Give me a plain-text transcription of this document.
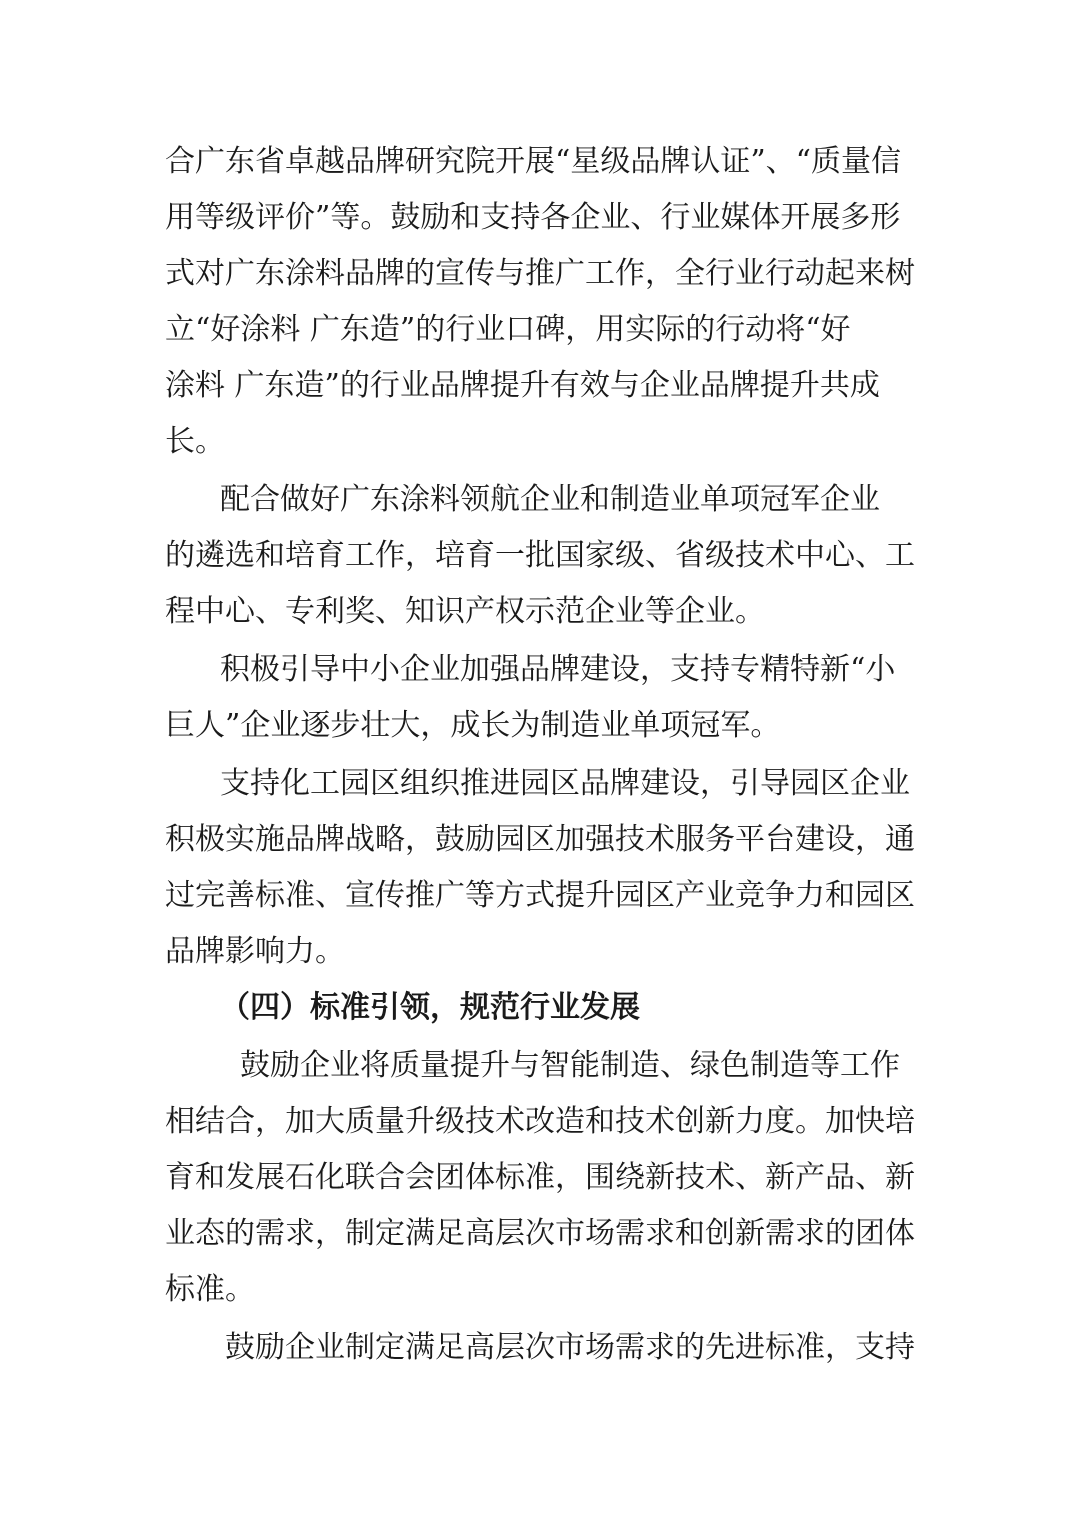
合广东省卓越品牌研究院开展“星级品牌认证”、“质量信
用等级评价”等。鼓励和支持各企业、行业媒体开展多形
式对广东涂料品牌的宣传与推广工作，全行业行动起来树
立“好涂料 广东造”的行业口碑，用实际的行动将“好
涂料 广东造”的行业品牌提升有效与企业品牌提升共成
长。
配合做好广东涂料领航企业和制造业单项冠军企业
的遴选和培育工作，培育一批国家级、省级技术中心、工
程中心、专利奖、知识产权示范企业等企业。
积极引导中小企业加强品牌建设，支持专精特新“小
巨人”企业逐步壮大，成长为制造业单项冠军。
支持化工园区组织推进园区品牌建设，引导园区企业
积极实施品牌战略，鼓励园区加强技术服务平台建设，通
过完善标准、宣传推广等方式提升园区产业竞争力和园区
品牌影响力。
（四）标准引领，规范行业发展
鼓励企业将质量提升与智能制造、绿色制造等工作
相结合，加大质量升级技术改造和技术创新力度。加快培
育和发展石化联合会团体标准，围绕新技术、新产品、新
业态的需求，制定满足高层次市场需求和创新需求的团体
标准。
鼓励企业制定满足高层次市场需求的先进标准，支持
